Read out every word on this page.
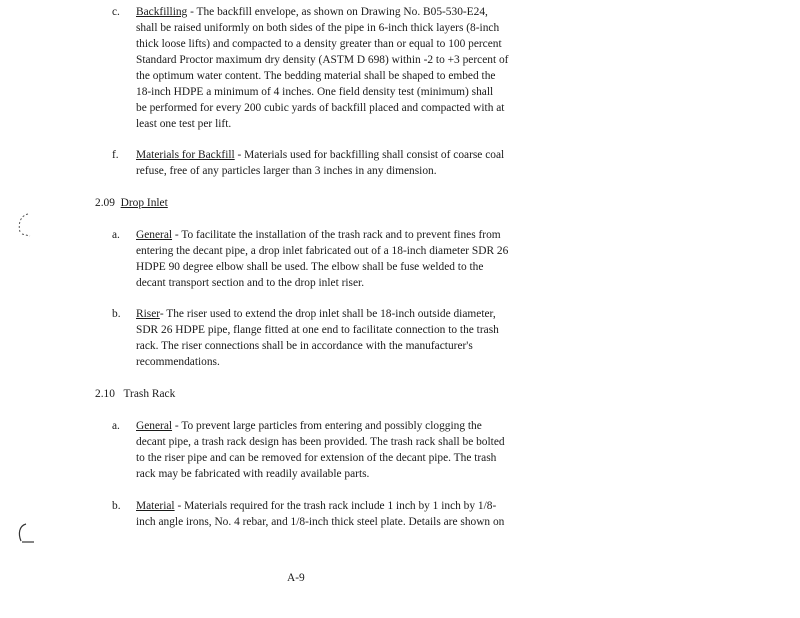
c. Backfilling - The backfill envelope, as shown on Drawing No. B05-530-E24,
shall be raised uniformly on both sides of the pipe in 6-inch thick layers (8-inch
thick loose lifts) and compacted to a density greater than or equal to 100 percent
Standard Proctor maximum dry density (ASTM D 698) within -2 to +3 percent of
the optimum water content. The bedding material shall be shaped to embed the
18-inch HDPE a minimum of 4 inches. One field density test (minimum) shall
be performed for every 200 cubic yards of backfill placed and compacted with at
least one test per lift.
f. Materials for Backfill - Materials used for backfilling shall consist of coarse coal
refuse, free of any particles larger than 3 inches in any dimension.
2.09 Drop Inlet
a. General - To facilitate the installation of the trash rack and to prevent fines from
entering the decant pipe, a drop inlet fabricated out of a 18-inch diameter SDR 26
HDPE 90 degree elbow shall be used. The elbow shall be fuse welded to the
decant transport section and to the drop inlet riser.
b. Riser- The riser used to extend the drop inlet shall be 18-inch outside diameter,
SDR 26 HDPE pipe, flange fitted at one end to facilitate connection to the trash
rack. The riser connections shall be in accordance with the manufacturer's
recommendations.
2.10 Trash Rack
a. General - To prevent large particles from entering and possibly clogging the
decant pipe, a trash rack design has been provided. The trash rack shall be bolted
to the riser pipe and can be removed for extension of the decant pipe. The trash
rack may be fabricated with readily available parts.
b. Material - Materials required for the trash rack include 1 inch by 1 inch by 1/8-
inch angle irons, No. 4 rebar, and 1/8-inch thick steel plate. Details are shown on
A-9
